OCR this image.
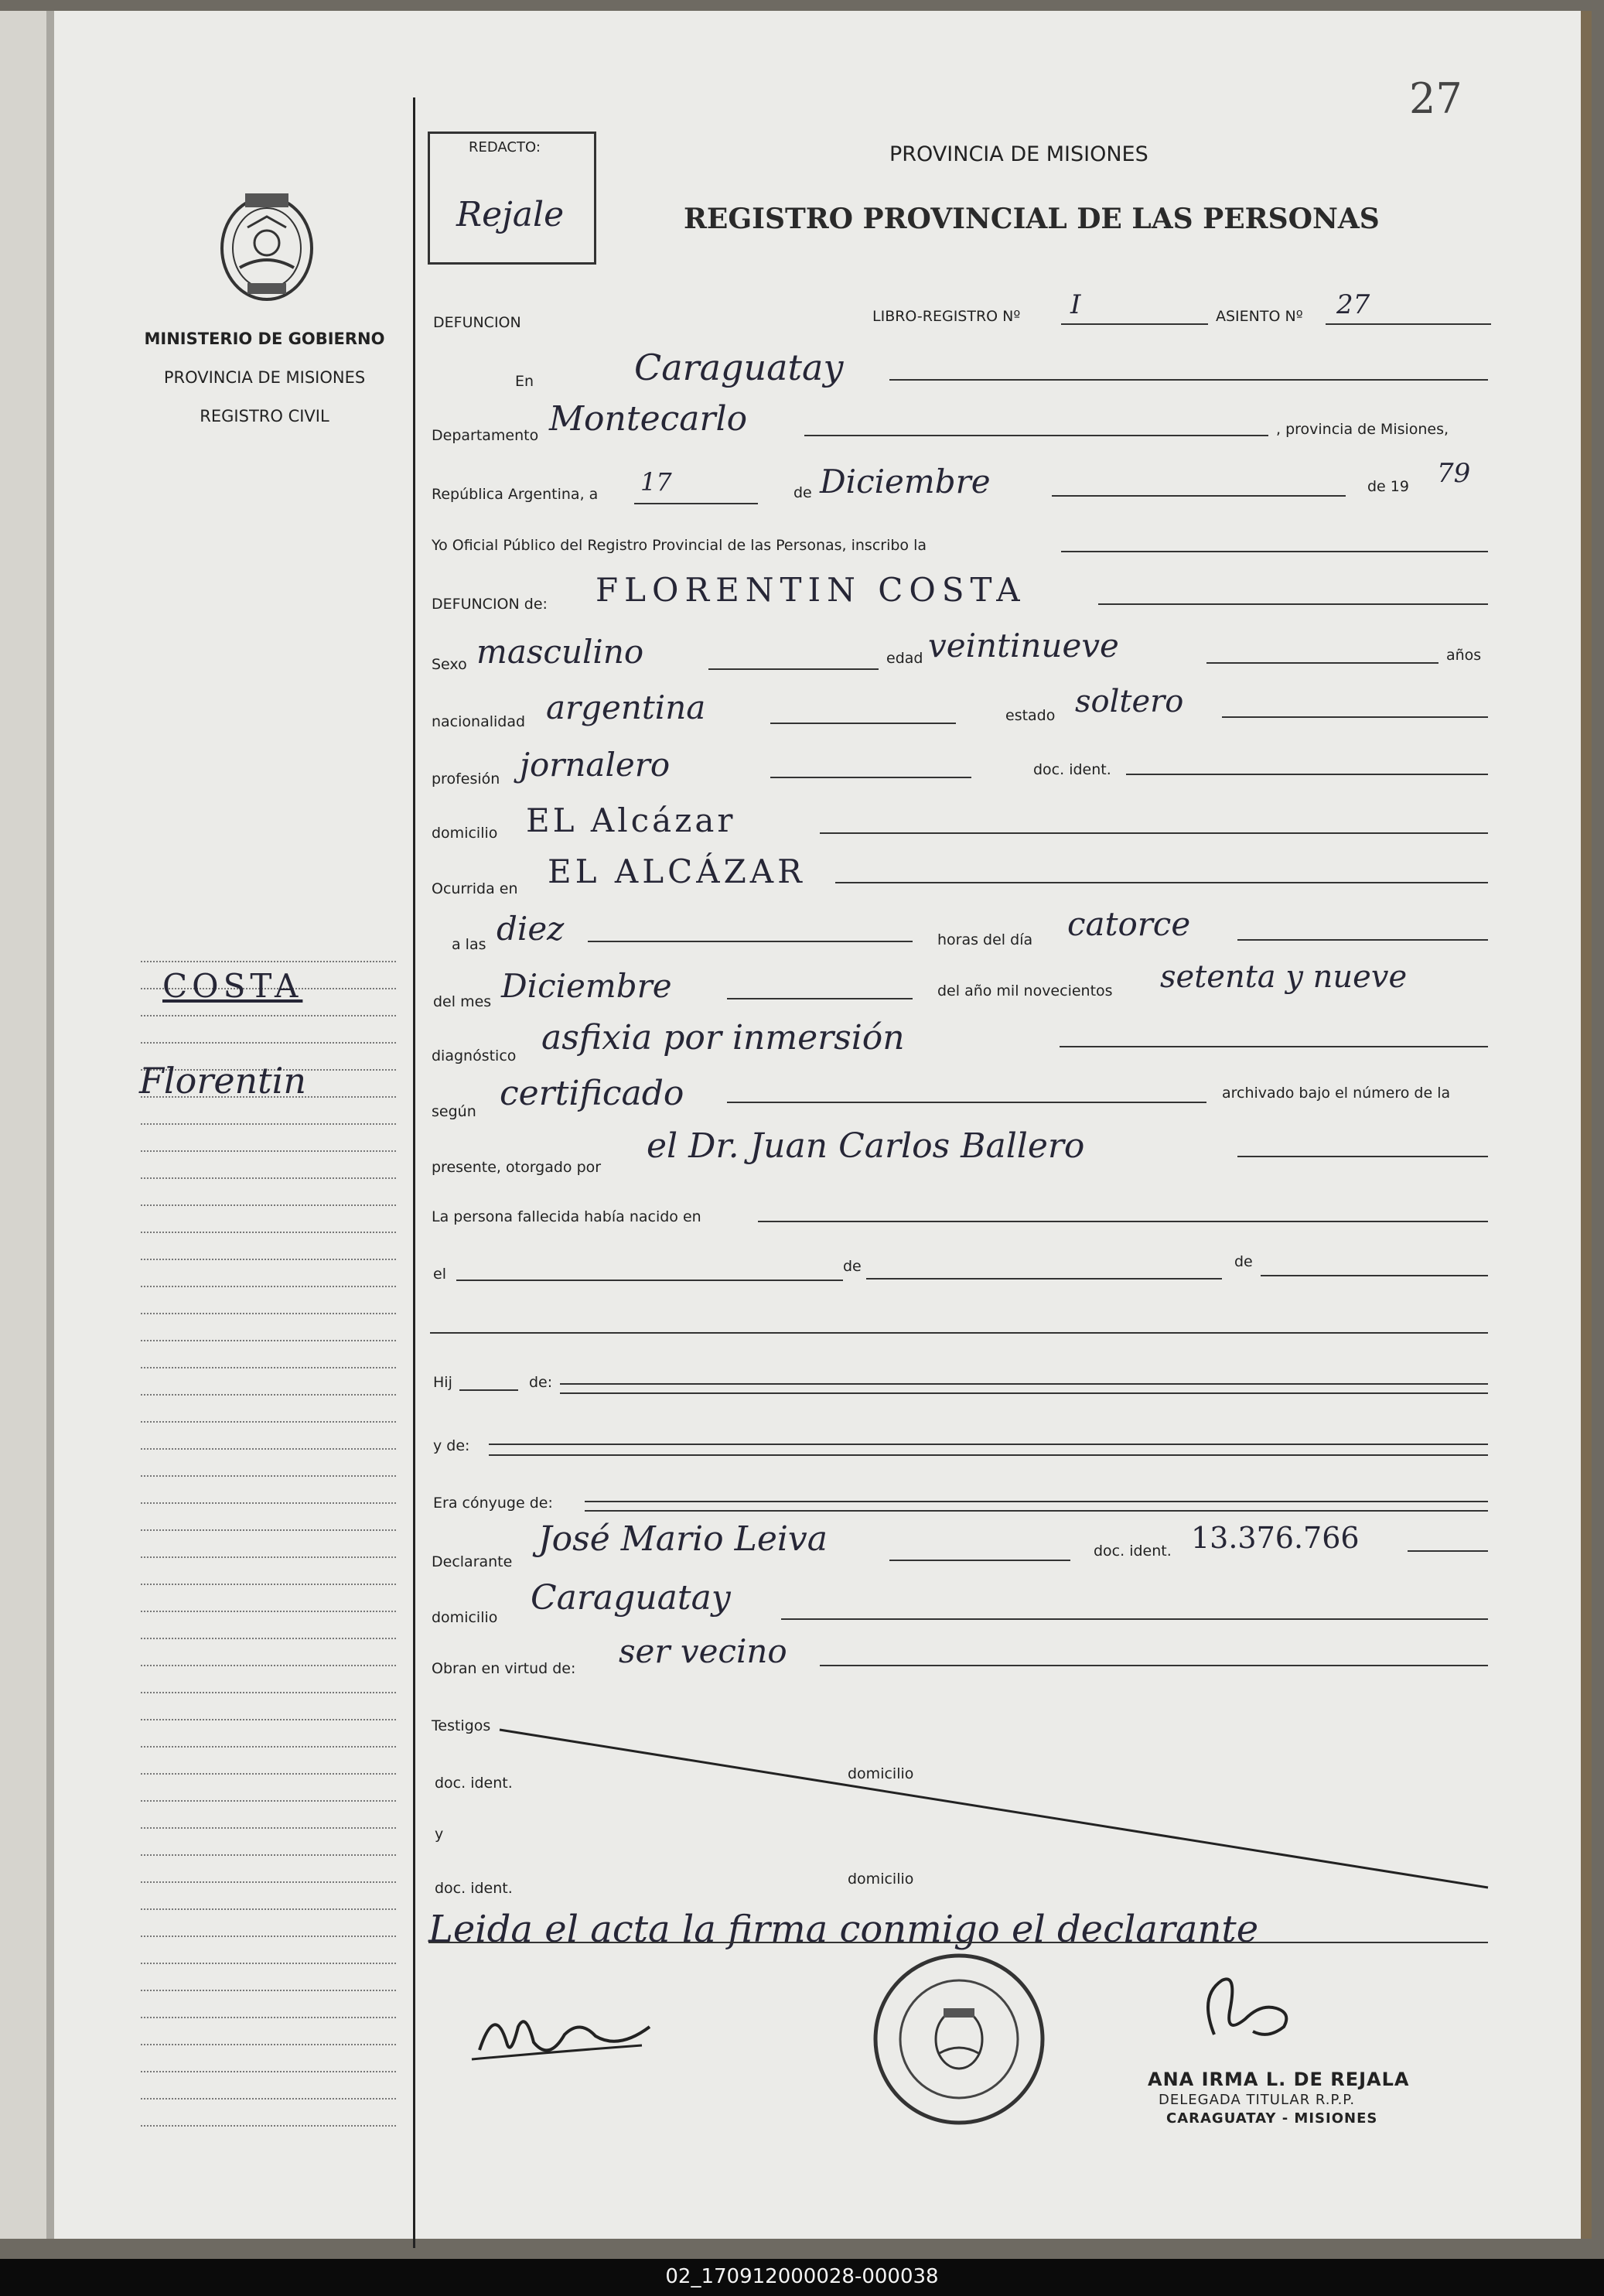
27
MINISTERIO DE GOBIERNO
PROVINCIA DE MISIONES
REGISTRO CIVIL
COSTA
Florentin
REDACTO:
Rejale
PROVINCIA DE MISIONES
REGISTRO PROVINCIAL DE LAS PERSONAS
DEFUNCION	LIBRO-REGISTRO Nº I	ASIENTO Nº 27
En	Caraguatay
Departamento Montecarlo	, provincia de Misiones,
República Argentina, a 17	de Diciembre	de 19 79
Yo Oficial Público del Registro Provincial de las Personas, inscribo la
DEFUNCION de: FLORENTIN COSTA
Sexo masculino	edad veintinueve	años
nacionalidad argentina	estado soltero
profesión jornalero	doc. ident.
domicilio EL Alcázar
Ocurrida en EL ALCÁZAR
a las diez	horas del día catorce
del mes Diciembre	del año mil novecientos setenta y nueve
diagnóstico asfixia por inmersión
según certificado	archivado bajo el número de la
presente, otorgado por
el Dr. Juan Carlos Ballero
La persona fallecida había nacido en
el	de	de
Hij	de:
y de:
Era cónyuge de:
Declarante
José Mario Leiva	doc. ident. 13.376.766
domicilio Caraguatay
Obran en virtud de: ser vecino
Testigos
doc. ident.
domicilio
y
doc. ident.
domicilio
Leida el acta la firma conmigo el declarante
ANA IRMA L. DE REJALA
DELEGADA TITULAR R.P.P.
CARAGUATAY - MISIONES
02_170912000028-000038
